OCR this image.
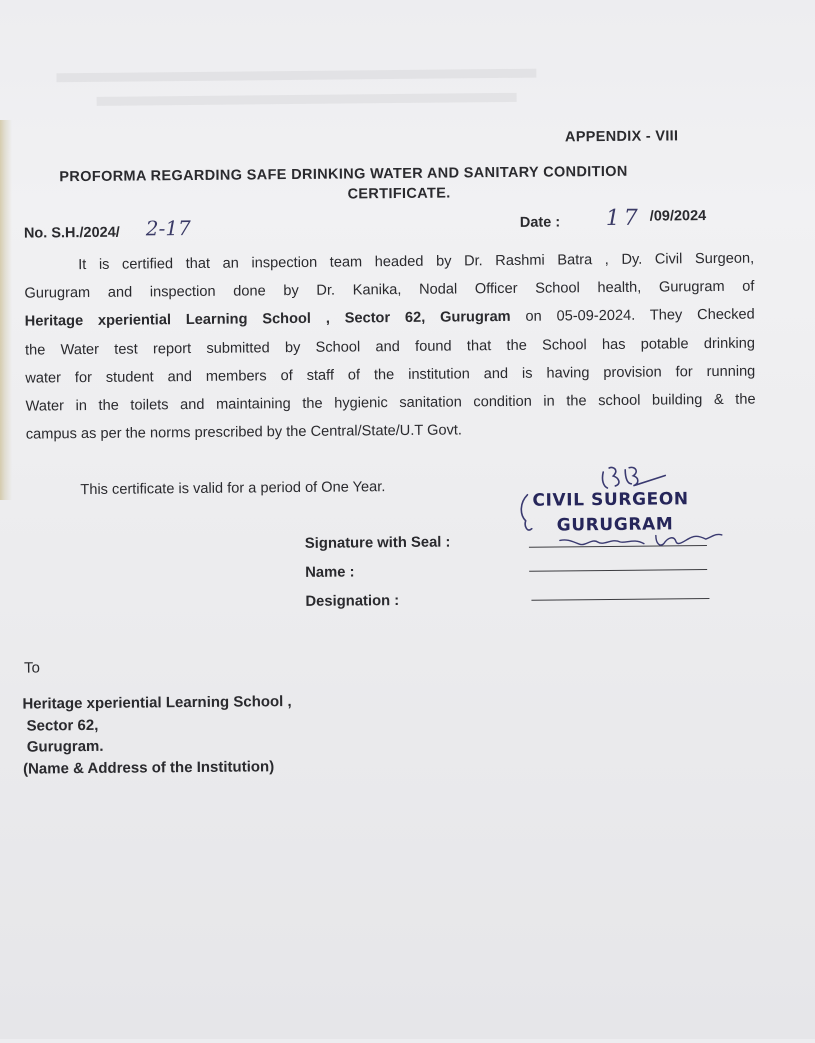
APPENDIX - VIII
PROFORMA REGARDING SAFE DRINKING WATER AND SANITARY CONDITION
CERTIFICATE.
No. S.H./2024/ 2-17	Date : 17 /09/2024
It is certified that an inspection team headed by Dr. Rashmi Batra , Dy. Civil Surgeon,
Gurugram and inspection done by Dr. Kanika, Nodal Officer School health, Gurugram of
Heritage xperiential Learning School , Sector 62, Gurugram on 05-09-2024. They Checked
the Water test report submitted by School and found that the School has potable drinking
water for student and members of staff of the institution and is having provision for running
Water in the toilets and maintaining the hygienic sanitation condition in the school building & the
campus as per the norms prescribed by the Central/State/U.T Govt.
This certificate is valid for a period of One Year.
Signature with Seal :
Name :
Designation :
CIVIL SURGEON
GURUGRAM
To
Heritage xperiential Learning School ,
Sector 62,
Gurugram.
(Name & Address of the Institution)
